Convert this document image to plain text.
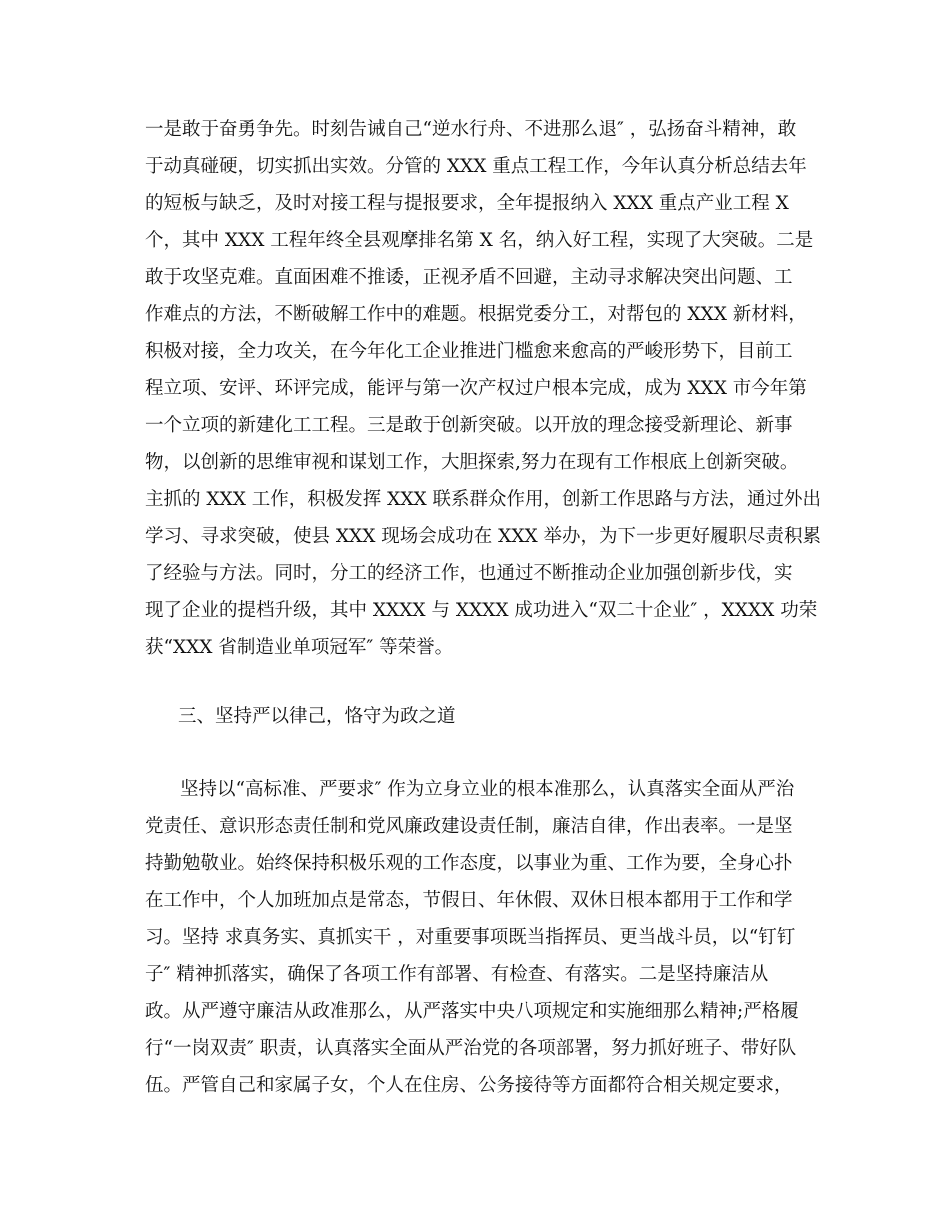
一是敢于奋勇争先。时刻告诫自己“逆水行舟、不进那么退″ ，弘扬奋斗精神，敢

于动真碰硬，切实抓出实效。分管的 XXX 重点工程工作，今年认真分析总结去年

的短板与缺乏，及时对接工程与提报要求，全年提报纳入 XXX 重点产业工程 X

个，其中 XXX 工程年终全县观摩排名第 X 名，纳入好工程，实现了大突破。二是

敢于攻坚克难。直面困难不推诿，正视矛盾不回避，主动寻求解决突出问题、工

作难点的方法，不断破解工作中的难题。根据党委分工，对帮包的 XXX 新材料，

积极对接，全力攻关，在今年化工企业推进门槛愈来愈高的严峻形势下，目前工

程立项、安评、环评完成，能评与第一次产权过户根本完成，成为 XXX 市今年第

一个立项的新建化工工程。三是敢于创新突破。以开放的理念接受新理论、新事

物，以创新的思维审视和谋划工作，大胆探索,努力在现有工作根底上创新突破。

主抓的 XXX 工作，积极发挥 XXX 联系群众作用，创新工作思路与方法，通过外出

学习、寻求突破，使县 XXX 现场会成功在 XXX 举办，为下一步更好履职尽责积累

了经验与方法。同时，分工的经济工作，也通过不断推动企业加强创新步伐，实

现了企业的提档升级，其中 XXXX 与 XXXX 成功进入“双二十企业″ ，XXXX 功荣

获“XXX 省制造业单项冠军″ 等荣誉。

三、坚持严以律己，恪守为政之道

坚持以“高标准、严要求″ 作为立身立业的根本准那么，认真落实全面从严治

党责任、意识形态责任制和党风廉政建设责任制，廉洁自律，作出表率。一是坚

持勤勉敬业。始终保持积极乐观的工作态度，以事业为重、工作为要，全身心扑

在工作中，个人加班加点是常态，节假日、年休假、双休日根本都用于工作和学

习。坚持 求真务实、真抓实干 ，对重要事项既当指挥员、更当战斗员，以“钉钉

子″ 精神抓落实，确保了各项工作有部署、有检查、有落实。二是坚持廉洁从

政。从严遵守廉洁从政准那么，从严落实中央八项规定和实施细那么精神;严格履

行“一岗双责″ 职责，认真落实全面从严治党的各项部署，努力抓好班子、带好队

伍。严管自己和家属子女，个人在住房、公务接待等方面都符合相关规定要求，
